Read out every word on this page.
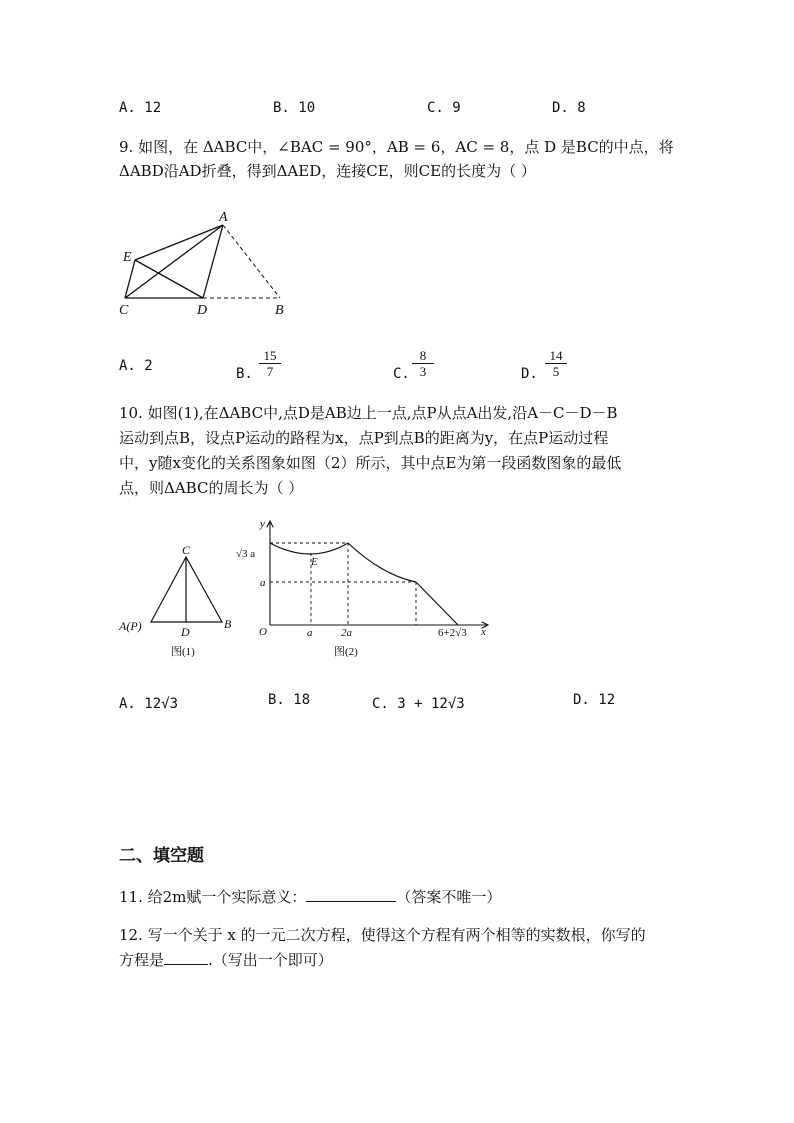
A. 12	B. 10	C. 9	D. 8
9. 如图，在 ΔABC中，∠BAC = 90°，AB = 6，AC = 8，点 D 是BC的中点，将
ΔABD沿AD折叠，得到ΔAED，连接CE，则CE的长度为（ ）
A
E
C	D	B
A. 2	B. $\frac{15}{7}$	C. $\frac{8}{3}$	D. $\frac{14}{5}$
10. 如图(1),在ΔABC中,点D是AB边上一点,点P从点A出发,沿A－C－D－B
运动到点B，设点P运动的路程为x，点P到点B的距离为y，在点P运动过程
中，y随x变化的关系图象如图（2）所示，其中点E为第一段函数图象的最低
点，则ΔABC的周长为（ ）
C
A(P)	D
B
图(1)
y
x
O
√3 a
a
E
a	2a	6+2√3
图(2)
A. 12√3	B. 18	C. 3 + 12√3	D. 12
二、填空题
11. 给2m赋一个实际意义：	（答案不唯一）
12. 写一个关于 x 的一元二次方程，使得这个方程有两个相等的实数根，你写的
方程是	.（写出一个即可）
